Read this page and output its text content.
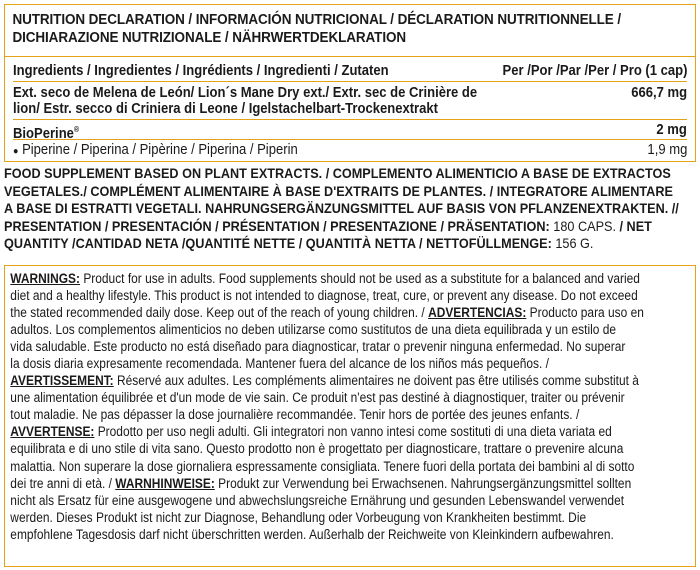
NUTRITION DECLARATION / INFORMACIÓN NUTRICIONAL / DÉCLARATION NUTRITIONNELLE /
DICHIARAZIONE NUTRIZIONALE / NÄHRWERTDEKLARATION
Ingredients / Ingredientes / Ingrédients / Ingredienti / Zutaten	Per /Por /Par /Per / Pro (1 cap)
Ext. seco de Melena de León/ Lion´s Mane Dry ext./ Extr. sec de Crinière de	666,7 mg
lion/ Estr. secco di Criniera di Leone / Igelstachelbart-Trockenextrakt
BioPerine®	2 mg
● Piperine / Piperina / Pipèrine / Piperina / Piperin	1,9 mg
FOOD SUPPLEMENT BASED ON PLANT EXTRACTS. / COMPLEMENTO ALIMENTICIO A BASE DE EXTRACTOS
VEGETALES./ COMPLÉMENT ALIMENTAIRE À BASE D'EXTRAITS DE PLANTES. / INTEGRATORE ALIMENTARE
A BASE DI ESTRATTI VEGETALI. NAHRUNGSERGÄNZUNGSMITTEL AUF BASIS VON PFLANZENEXTRAKTEN. //
PRESENTATION / PRESENTACIÓN / PRÉSENTATION / PRESENTAZIONE / PRÄSENTATION: 180 CAPS. / NET
QUANTITY /CANTIDAD NETA /QUANTITÉ NETTE / QUANTITÀ NETTA / NETTOFÜLLMENGE: 156 G.
WARNINGS: Product for use in adults. Food supplements should not be used as a substitute for a balanced and varied
diet and a healthy lifestyle. This product is not intended to diagnose, treat, cure, or prevent any disease. Do not exceed
the stated recommended daily dose. Keep out of the reach of young children. / ADVERTENCIAS: Producto para uso en
adultos. Los complementos alimenticios no deben utilizarse como sustitutos de una dieta equilibrada y un estilo de
vida saludable. Este producto no está diseñado para diagnosticar, tratar o prevenir ninguna enfermedad. No superar
la dosis diaria expresamente recomendada. Mantener fuera del alcance de los niños más pequeños. /
AVERTISSEMENT: Réservé aux adultes. Les compléments alimentaires ne doivent pas être utilisés comme substitut à
une alimentation équilibrée et d'un mode de vie sain. Ce produit n'est pas destiné à diagnostiquer, traiter ou prévenir
tout maladie. Ne pas dépasser la dose journalière recommandée. Tenir hors de portée des jeunes enfants. /
AVVERTENSE: Prodotto per uso negli adulti. Gli integratori non vanno intesi come sostituti di una dieta variata ed
equilibrata e di uno stile di vita sano. Questo prodotto non è progettato per diagnosticare, trattare o prevenire alcuna
malattia. Non superare la dose giornaliera espressamente consigliata. Tenere fuori della portata dei bambini al di sotto
dei tre anni di età. / WARNHINWEISE: Produkt zur Verwendung bei Erwachsenen. Nahrungsergänzungsmittel sollten
nicht als Ersatz für eine ausgewogene und abwechslungsreiche Ernährung und gesunden Lebenswandel verwendet
werden. Dieses Produkt ist nicht zur Diagnose, Behandlung oder Vorbeugung von Krankheiten bestimmt. Die
empfohlene Tagesdosis darf nicht überschritten werden. Außerhalb der Reichweite von Kleinkindern aufbewahren.
